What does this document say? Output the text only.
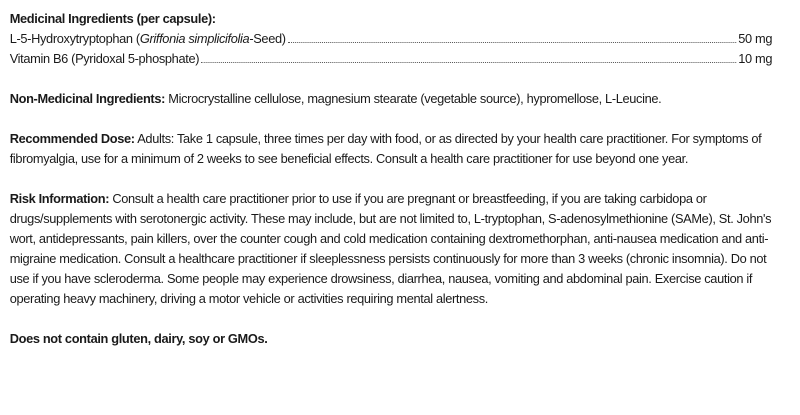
Medicinal Ingredients (per capsule):
L-5-Hydroxytryptophan (Griffonia simplicifolia-Seed)	50 mg
Vitamin B6 (Pyridoxal 5-phosphate)	10 mg

Non-Medicinal Ingredients: Microcrystalline cellulose, magnesium stearate (vegetable source), hypromellose, L-Leucine.

Recommended Dose: Adults: Take 1 capsule, three times per day with food, or as directed by your health care practitioner. For symptoms of fibromyalgia, use for a minimum of 2 weeks to see beneficial effects. Consult a health care practitioner for use beyond one year.

Risk Information: Consult a health care practitioner prior to use if you are pregnant or breastfeeding, if you are taking carbidopa or drugs/supplements with serotonergic activity. These may include, but are not limited to, L-tryptophan, S-adenosylmethionine (SAMe), St. John's wort, antidepressants, pain killers, over the counter cough and cold medication containing dextromethorphan, anti-nausea medication and anti-migraine medication. Consult a healthcare practitioner if sleeplessness persists continuously for more than 3 weeks (chronic insomnia). Do not use if you have scleroderma. Some people may experience drowsiness, diarrhea, nausea, vomiting and abdominal pain. Exercise caution if operating heavy machinery, driving a motor vehicle or activities requiring mental alertness.

Does not contain gluten, dairy, soy or GMOs.
